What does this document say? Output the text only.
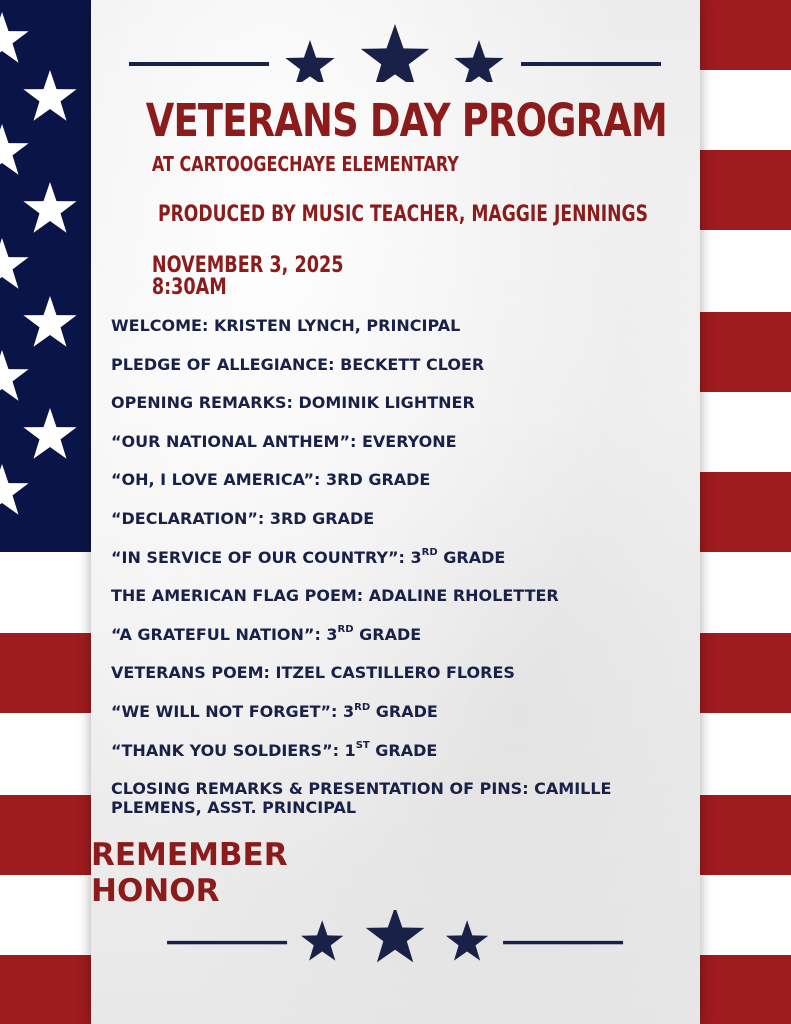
VETERANS DAY PROGRAM
AT CARTOOGECHAYE ELEMENTARY
PRODUCED BY MUSIC TEACHER, MAGGIE JENNINGS
NOVEMBER 3, 2025
8:30AM
WELCOME: KRISTEN LYNCH, PRINCIPAL
PLEDGE OF ALLEGIANCE: BECKETT CLOER
OPENING REMARKS: DOMINIK LIGHTNER
“OUR NATIONAL ANTHEM”: EVERYONE
“OH, I LOVE AMERICA”: 3RD GRADE
“DECLARATION”: 3RD GRADE
“IN SERVICE OF OUR COUNTRY”: 3RD GRADE
THE AMERICAN FLAG POEM: ADALINE RHOLETTER
“A GRATEFUL NATION”: 3RD GRADE
VETERANS POEM: ITZEL CASTILLERO FLORES
“WE WILL NOT FORGET”: 3RD GRADE
“THANK YOU SOLDIERS”: 1ST GRADE
CLOSING REMARKS & PRESENTATION OF PINS: CAMILLE PLEMENS, ASST. PRINCIPAL
REMEMBER
HONOR
